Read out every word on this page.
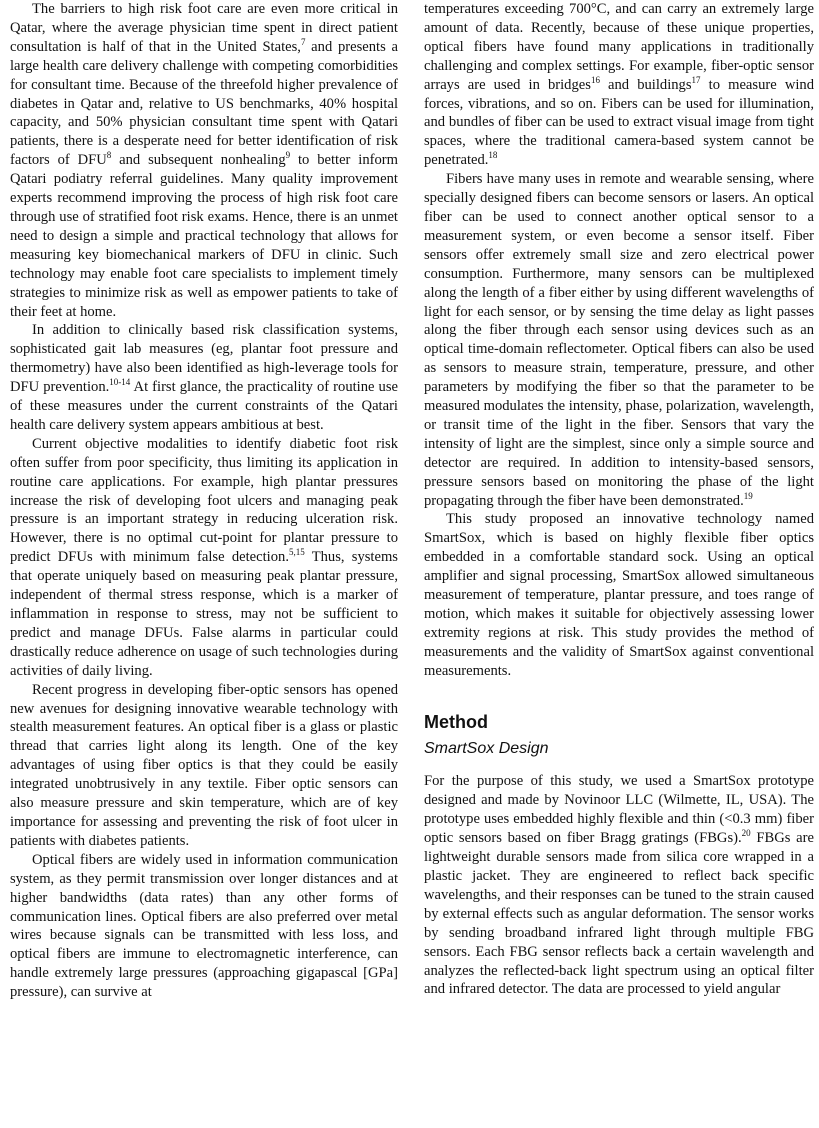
The barriers to high risk foot care are even more critical in Qatar, where the average physician time spent in direct patient consultation is half of that in the United States,$^7$ and presents a large health care delivery challenge with competing comorbidities for consultant time. Because of the threefold higher prevalence of diabetes in Qatar and, relative to US benchmarks, 40% hospital capacity, and 50% physician consultant time spent with Qatari patients, there is a desperate need for better identification of risk factors of DFU$^8$ and subsequent nonhealing$^9$ to better inform Qatari podiatry referral guidelines. Many quality improvement experts recommend improving the process of high risk foot care through use of stratified foot risk exams. Hence, there is an unmet need to design a simple and practical technology that allows for measuring key biomechanical markers of DFU in clinic. Such technology may enable foot care specialists to implement timely strategies to minimize risk as well as empower patients to take of their feet at home.

In addition to clinically based risk classification systems, sophisticated gait lab measures (eg, plantar foot pressure and thermometry) have also been identified as high-leverage tools for DFU prevention.$^{10-14}$ At first glance, the practicality of routine use of these measures under the current constraints of the Qatari health care delivery system appears ambitious at best.

Current objective modalities to identify diabetic foot risk often suffer from poor specificity, thus limiting its application in routine care applications. For example, high plantar pressures increase the risk of developing foot ulcers and managing peak pressure is an important strategy in reducing ulceration risk. However, there is no optimal cut-point for plantar pressure to predict DFUs with minimum false detection.$^{5,15}$ Thus, systems that operate uniquely based on measuring peak plantar pressure, independent of thermal stress response, which is a marker of inflammation in response to stress, may not be sufficient to predict and manage DFUs. False alarms in particular could drastically reduce adherence on usage of such technologies during activities of daily living.

Recent progress in developing fiber-optic sensors has opened new avenues for designing innovative wearable technology with stealth measurement features. An optical fiber is a glass or plastic thread that carries light along its length. One of the key advantages of using fiber optics is that they could be easily integrated unobtrusively in any textile. Fiber optic sensors can also measure pressure and skin temperature, which are of key importance for assessing and preventing the risk of foot ulcer in patients with diabetes patients.

Optical fibers are widely used in information communication system, as they permit transmission over longer distances and at higher bandwidths (data rates) than any other forms of communication lines. Optical fibers are also preferred over metal wires because signals can be transmitted with less loss, and optical fibers are immune to electromagnetic interference, can handle extremely large pressures (approaching gigapascal [GPa] pressure), can survive at

temperatures exceeding 700°C, and can carry an extremely large amount of data. Recently, because of these unique properties, optical fibers have found many applications in traditionally challenging and complex settings. For example, fiber-optic sensor arrays are used in bridges$^{16}$ and buildings$^{17}$ to measure wind forces, vibrations, and so on. Fibers can be used for illumination, and bundles of fiber can be used to extract visual image from tight spaces, where the traditional camera-based system cannot be penetrated.$^{18}$

Fibers have many uses in remote and wearable sensing, where specially designed fibers can become sensors or lasers. An optical fiber can be used to connect another optical sensor to a measurement system, or even become a sensor itself. Fiber sensors offer extremely small size and zero electrical power consumption. Furthermore, many sensors can be multiplexed along the length of a fiber either by using different wavelengths of light for each sensor, or by sensing the time delay as light passes along the fiber through each sensor using devices such as an optical time-domain reflectometer. Optical fibers can also be used as sensors to measure strain, temperature, pressure, and other parameters by modifying the fiber so that the parameter to be measured modulates the intensity, phase, polarization, wavelength, or transit time of the light in the fiber. Sensors that vary the intensity of light are the simplest, since only a simple source and detector are required. In addition to intensity-based sensors, pressure sensors based on monitoring the phase of the light propagating through the fiber have been demonstrated.$^{19}$

This study proposed an innovative technology named SmartSox, which is based on highly flexible fiber optics embedded in a comfortable standard sock. Using an optical amplifier and signal processing, SmartSox allowed simultaneous measurement of temperature, plantar pressure, and toes range of motion, which makes it suitable for objectively assessing lower extremity regions at risk. This study provides the method of measurements and the validity of SmartSox against conventional measurements.

Method
SmartSox Design

For the purpose of this study, we used a SmartSox prototype designed and made by Novinoor LLC (Wilmette, IL, USA). The prototype uses embedded highly flexible and thin (<0.3 mm) fiber optic sensors based on fiber Bragg gratings (FBGs).$^{20}$ FBGs are lightweight durable sensors made from silica core wrapped in a plastic jacket. They are engineered to reflect back specific wavelengths, and their responses can be tuned to the strain caused by external effects such as angular deformation. The sensor works by sending broadband infrared light through multiple FBG sensors. Each FBG sensor reflects back a certain wavelength and analyzes the reflected-back light spectrum using an optical filter and infrared detector. The data are processed to yield angular
